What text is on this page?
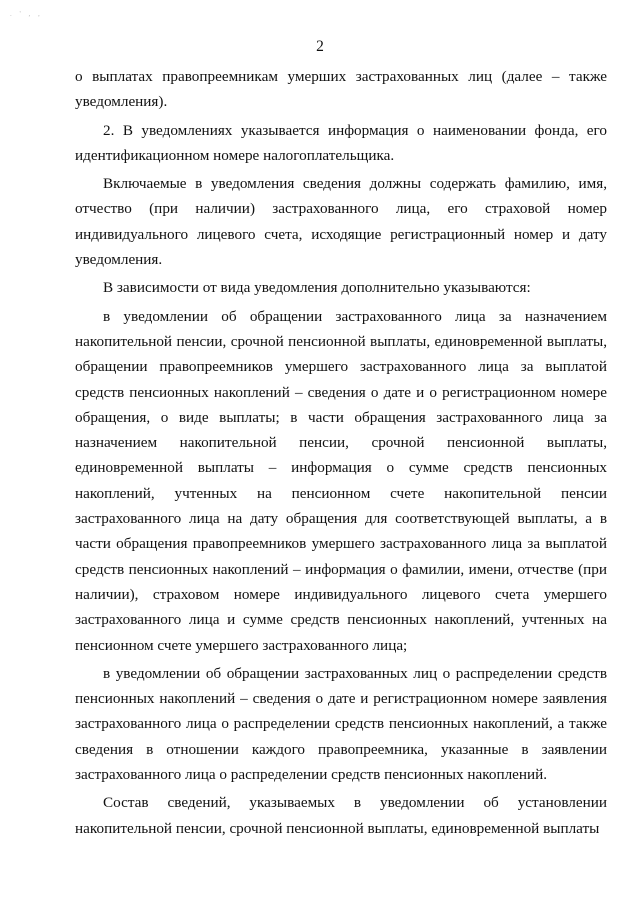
. ' , ,
2

о выплатах правопреемникам умерших застрахованных лиц (далее – также уведомления).

2. В уведомлениях указывается информация о наименовании фонда, его идентификационном номере налогоплательщика.

Включаемые в уведомления сведения должны содержать фамилию, имя, отчество (при наличии) застрахованного лица, его страховой номер индивидуального лицевого счета, исходящие регистрационный номер и дату уведомления.

В зависимости от вида уведомления дополнительно указываются:

в уведомлении об обращении застрахованного лица за назначением накопительной пенсии, срочной пенсионной выплаты, единовременной выплаты, обращении правопреемников умершего застрахованного лица за выплатой средств пенсионных накоплений – сведения о дате и о регистрационном номере обращения, о виде выплаты; в части обращения застрахованного лица за назначением накопительной пенсии, срочной пенсионной выплаты, единовременной выплаты – информация о сумме средств пенсионных накоплений, учтенных на пенсионном счете накопительной пенсии застрахованного лица на дату обращения для соответствующей выплаты, а в части обращения правопреемников умершего застрахованного лица за выплатой средств пенсионных накоплений – информация о фамилии, имени, отчестве (при наличии), страховом номере индивидуального лицевого счета умершего застрахованного лица и сумме средств пенсионных накоплений, учтенных на пенсионном счете умершего застрахованного лица;

в уведомлении об обращении застрахованных лиц о распределении средств пенсионных накоплений – сведения о дате и регистрационном номере заявления застрахованного лица о распределении средств пенсионных накоплений, а также сведения в отношении каждого правопреемника, указанные в заявлении застрахованного лица о распределении средств пенсионных накоплений.

Состав сведений, указываемых в уведомлении об установлении накопительной пенсии, срочной пенсионной выплаты, единовременной выплаты
